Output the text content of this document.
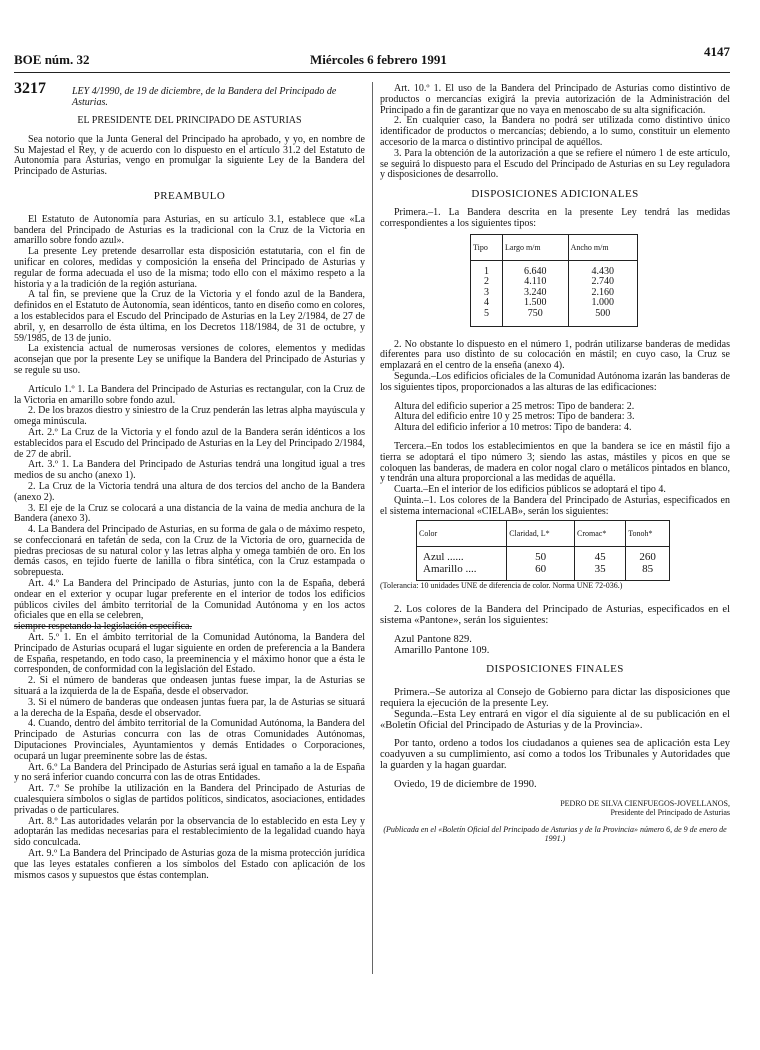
BOE núm. 32	Miércoles 6 febrero 1991
4147
3217	LEY 4/1990, de 19 de diciembre, de la Bandera del Principado de Asturias.

EL PRESIDENTE DEL PRINCIPADO DE ASTURIAS

Sea notorio que la Junta General del Principado ha aprobado, y yo, en nombre de Su Majestad el Rey, y de acuerdo con lo dispuesto en el artículo 31.2 del Estatuto de Autonomía para Asturias, vengo en promulgar la siguiente Ley de la Bandera del Principado de Asturias.

PREAMBULO

El Estatuto de Autonomía para Asturias, en su artículo 3.1, establece que «La bandera del Principado de Asturias es la tradicional con la Cruz de la Victoria en amarillo sobre fondo azul».

La presente Ley pretende desarrollar esta disposición estatutaria, con el fin de unificar en colores, medidas y composición la enseña del Principado de Asturias y regular de forma adecuada el uso de la misma; todo ello con el máximo respeto a la historia y a la tradición de la región asturiana.

A tal fin, se previene que la Cruz de la Victoria y el fondo azul de la Bandera, definidos en el Estatuto de Autonomía, sean idénticos, tanto en diseño como en colores, a los establecidos para el Escudo del Principado de Asturias en la Ley 2/1984, de 27 de abril, y, en desarrollo de ésta última, en los Decretos 118/1984, de 31 de octubre, y 59/1985, de 13 de junio.

La existencia actual de numerosas versiones de colores, elementos y medidas aconsejan que por la presente Ley se unifique la Bandera del Principado de Asturias y se regule su uso.

Artículo 1.º 1. La Bandera del Principado de Asturias es rectangular, con la Cruz de la Victoria en amarillo sobre fondo azul.

2. De los brazos diestro y siniestro de la Cruz penderán las letras alpha mayúscula y omega minúscula.

Art. 2.º La Cruz de la Victoria y el fondo azul de la Bandera serán idénticos a los establecidos para el Escudo del Principado de Asturias en la Ley del Principado 2/1984, de 27 de abril.

Art. 3.º 1. La Bandera del Principado de Asturias tendrá una longitud igual a tres medios de su ancho (anexo 1).

2. La Cruz de la Victoria tendrá una altura de dos tercios del ancho de la Bandera (anexo 2).

3. El eje de la Cruz se colocará a una distancia de la vaina de media anchura de la Bandera (anexo 3).

4. La Bandera del Principado de Asturias, en su forma de gala o de máximo respeto, se confeccionará en tafetán de seda, con la Cruz de la Victoria de oro, guarnecida de piedras preciosas de su natural color y las letras alpha y omega también de oro. En los demás casos, en tejido fuerte de lanilla o fibra sintética, con la Cruz estampada o sobrepuesta.

Art. 4.º La Bandera del Principado de Asturias, junto con la de España, deberá ondear en el exterior y ocupar lugar preferente en el interior de todos los edificios públicos civiles del ámbito territorial de la Comunidad Autónoma y en los actos oficiales que en ella se celebren,

siempre respetando la legislación específica.

Art. 5.º 1. En el ámbito territorial de la Comunidad Autónoma, la Bandera del Principado de Asturias ocupará el lugar siguiente en orden de preferencia a la Bandera de España, respetando, en todo caso, la preeminencia y el máximo honor que a ésta le corresponden, de conformidad con la legislación del Estado.

2. Si el número de banderas que ondeasen juntas fuese impar, la de Asturias se situará a la izquierda de la de España, desde el observador.

3. Si el número de banderas que ondeasen juntas fuera par, la de Asturias se situará a la derecha de la España, desde el observador.

4. Cuando, dentro del ámbito territorial de la Comunidad Autónoma, la Bandera del Principado de Asturias concurra con las de otras Comunidades Autónomas, Diputaciones Provinciales, Ayuntamientos y demás Entidades o Corporaciones, ocupará un lugar preeminente sobre las de éstas.

Art. 6.º La Bandera del Principado de Asturias será igual en tamaño a la de España y no será inferior cuando concurra con las de otras Entidades.

Art. 7.º Se prohíbe la utilización en la Bandera del Principado de Asturias de cualesquiera símbolos o siglas de partidos políticos, sindicatos, asociaciones, entidades privadas o de particulares.

Art. 8.º Las autoridades velarán por la observancia de lo establecido en esta Ley y adoptarán las medidas necesarias para el restablecimiento de la legalidad cuando haya sido conculcada.

Art. 9.º La Bandera del Principado de Asturias goza de la misma protección jurídica que las leyes estatales confieren a los símbolos del Estado con aplicación de los mismos casos y supuestos que éstas contemplan.

Art. 10.º 1. El uso de la Bandera del Principado de Asturias como distintivo de productos o mercancías exigirá la previa autorización de la Administración del Principado a fin de garantizar que no vaya en menoscabo de su alta significación.

2. En cualquier caso, la Bandera no podrá ser utilizada como distintivo único identificador de productos o mercancías; debiendo, a lo sumo, constituir un elemento accesorio de la marca o distintivo principal de aquéllos.

3. Para la obtención de la autorización a que se refiere el número 1 de este artículo, se seguirá lo dispuesto para el Escudo del Principado de Asturias en su Ley reguladora y disposiciones de desarrollo.

DISPOSICIONES ADICIONALES

Primera.–1. La Bandera descrita en la presente Ley tendrá las medidas correspondientes a los siguientes tipos:

Tipo	Largo m/m	Ancho m/m

1	6.640	4.430
2	4.110	2.740
3	3.240	2.160
4	1.500	1.000
5	750	500

2. No obstante lo dispuesto en el número 1, podrán utilizarse banderas de medidas diferentes para uso distinto de su colocación en mástil; en cuyo caso, la Cruz se emplazará en el centro de la enseña (anexo 4).

Segunda.–Los edificios oficiales de la Comunidad Autónoma izarán las banderas de los siguientes tipos, proporcionados a las alturas de las edificaciones:

Altura del edificio superior a 25 metros: Tipo de bandera: 2.

Altura del edificio entre 10 y 25 metros: Tipo de bandera: 3.

Altura del edificio inferior a 10 metros: Tipo de bandera: 4.

Tercera.–En todos los establecimientos en que la bandera se ice en mástil fijo a tierra se adoptará el tipo número 3; siendo las astas, mástiles y picos en que se coloquen las banderas, de madera en color nogal claro o metálicos pintados en blanco, y tendrán una altura proporcional a las medidas de aquélla.

Cuarta.–En el interior de los edificios públicos se adoptará el tipo 4.

Quinta.–1. Los colores de la Bandera del Principado de Asturias, especificados en el sistema internacional «CIELAB», serán los siguientes:

Color	Claridad, L*	Cromac*	Tonoh*

Azul ......	50	45	260
Amarillo ....	60	35	85

(Tolerancia: 10 unidades UNE de diferencia de color. Norma UNE 72-036.)

2. Los colores de la Bandera del Principado de Asturias, especificados en el sistema «Pantone», serán los siguientes:

Azul Pantone 829.

Amarillo Pantone 109.

DISPOSICIONES FINALES

Primera.–Se autoriza al Consejo de Gobierno para dictar las disposiciones que requiera la ejecución de la presente Ley.

Segunda.–Esta Ley entrará en vigor el día siguiente al de su publicación en el «Boletín Oficial del Principado de Asturias y de la Provincia».

Por tanto, ordeno a todos los ciudadanos a quienes sea de aplicación esta Ley coadyuven a su cumplimiento, así como a todos los Tribunales y Autoridades que la guarden y la hagan guardar.

Oviedo, 19 de diciembre de 1990.

PEDRO DE SILVA CIENFUEGOS-JOVELLANOS,

Presidente del Principado de Asturias

(Publicada en el «Boletín Oficial del Principado de Asturias y de la Provincia» número 6, de 9 de enero de 1991.)
